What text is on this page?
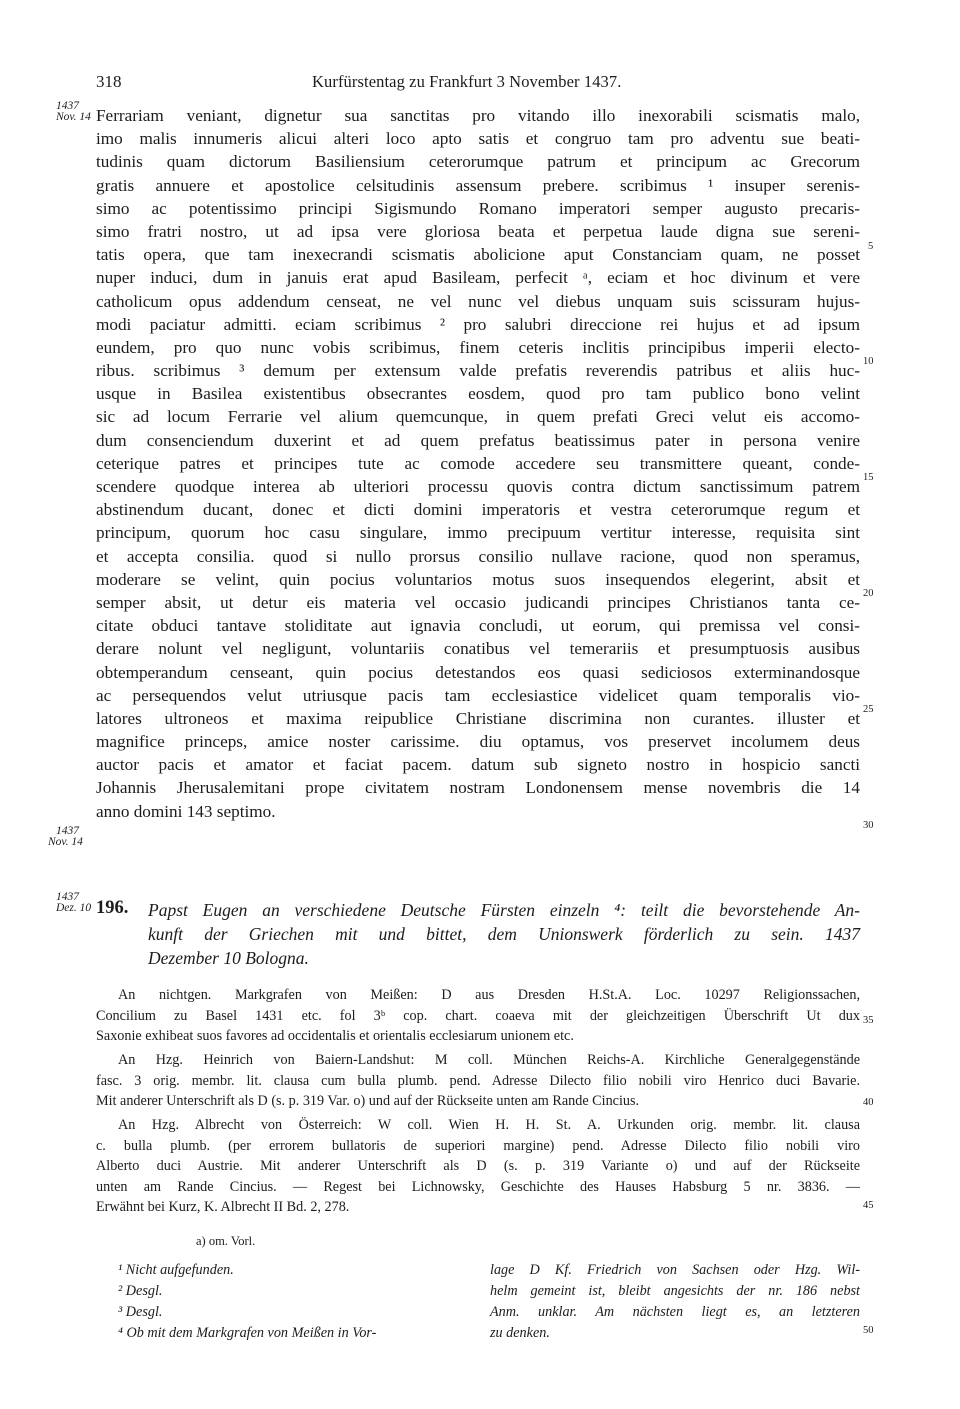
318	Kurfürstentag zu Frankfurt 3 November 1437.
1437
Nov. 14
1437
Nov. 14
1437
Dez. 10
5
10
15
20
25
30
35
40
45
50
Ferrariam veniant, dignetur sua sanctitas pro vitando illo inexorabili scismatis malo,
imo malis innumeris alicui alteri loco apto satis et congruo tam pro adventu sue beati-
tudinis quam dictorum Basiliensium ceterorumque patrum et principum ac Grecorum
gratis annuere et apostolice celsitudinis assensum prebere. scribimus ¹ insuper serenis-
simo ac potentissimo principi Sigismundo Romano imperatori semper augusto precaris-
simo fratri nostro, ut ad ipsa vere gloriosa beata et perpetua laude digna sue sereni-
tatis opera, que tam inexecrandi scismatis abolicione aput Constanciam quam, ne posset
nuper induci, dum in januis erat apud Basileam, perfecit ᵃ, eciam et hoc divinum et vere
catholicum opus addendum censeat, ne vel nunc vel diebus unquam suis scissuram hujus-
modi paciatur admitti. eciam scribimus ² pro salubri direccione rei hujus et ad ipsum
eundem, pro quo nunc vobis scribimus, finem ceteris inclitis principibus imperii electo-
ribus. scribimus ³ demum per extensum valde prefatis reverendis patribus et aliis huc-
usque in Basilea existentibus obsecrantes eosdem, quod pro tam publico bono velint
sic ad locum Ferrarie vel alium quemcunque, in quem prefati Greci velut eis accomo-
dum consenciendum duxerint et ad quem prefatus beatissimus pater in persona venire
ceterique patres et principes tute ac comode accedere seu transmittere queant, conde-
scendere quodque interea ab ulteriori processu quovis contra dictum sanctissimum patrem
abstinendum ducant, donec et dicti domini imperatoris et vestra ceterorumque regum et
principum, quorum hoc casu singulare, immo precipuum vertitur interesse, requisita sint
et accepta consilia. quod si nullo prorsus consilio nullave racione, quod non speramus,
moderare se velint, quin pocius voluntarios motus suos insequendos elegerint, absit et
semper absit, ut detur eis materia vel occasio judicandi principes Christianos tanta ce-
citate obduci tantave stoliditate aut ignavia concludi, ut eorum, qui premissa vel consi-
derare nolunt vel negligunt, voluntariis conatibus vel temerariis et presumptuosis ausibus
obtemperandum censeant, quin pocius detestandos eos quasi sediciosos exterminandosque
ac persequendos velut utriusque pacis tam ecclesiastice videlicet quam temporalis vio-
latores ultroneos et maxima reipublice Christiane discrimina non curantes. illuster et
magnifice princeps, amice noster carissime. diu optamus, vos preservet incolumem deus
auctor pacis et amator et faciat pacem. datum sub signeto nostro in hospicio sancti
Johannis Jherusalemitani prope civitatem nostram Londonensem mense novembris die 14
anno domini 143 septimo.
196. Papst Eugen an verschiedene Deutsche Fürsten einzeln ⁴: teilt die bevorstehende An-
kunft der Griechen mit und bittet, dem Unionswerk förderlich zu sein. 1437
Dezember 10 Bologna.
An nichtgen. Markgrafen von Meißen: D aus Dresden H.St.A. Loc. 10297 Religionssachen,
Concilium zu Basel 1431 etc. fol 3ᵇ cop. chart. coaeva mit der gleichzeitigen Überschrift Ut dux
Saxonie exhibeat suos favores ad occidentalis et orientalis ecclesiarum unionem etc.
An Hzg. Heinrich von Baiern-Landshut: M coll. München Reichs-A. Kirchliche Generalgegenstände
fasc. 3 orig. membr. lit. clausa cum bulla plumb. pend. Adresse Dilecto filio nobili viro Henrico duci Bavarie.
Mit anderer Unterschrift als D (s. p. 319 Var. o) und auf der Rückseite unten am Rande Cincius.
An Hzg. Albrecht von Österreich: W coll. Wien H. H. St. A. Urkunden orig. membr. lit. clausa
c. bulla plumb. (per errorem bullatoris de superiori margine) pend. Adresse Dilecto filio nobili viro
Alberto duci Austrie. Mit anderer Unterschrift als D (s. p. 319 Variante o) und auf der Rückseite
unten am Rande Cincius. — Regest bei Lichnowsky, Geschichte des Hauses Habsburg 5 nr. 3836. —
Erwähnt bei Kurz, K. Albrecht II Bd. 2, 278.
a) om. Vorl.
¹ Nicht aufgefunden.
² Desgl.
³ Desgl.
⁴ Ob mit dem Markgrafen von Meißen in Vor-
lage D Kf. Friedrich von Sachsen oder Hzg. Wil-
helm gemeint ist, bleibt angesichts der nr. 186 nebst
Anm. unklar. Am nächsten liegt es, an letzteren
zu denken.
